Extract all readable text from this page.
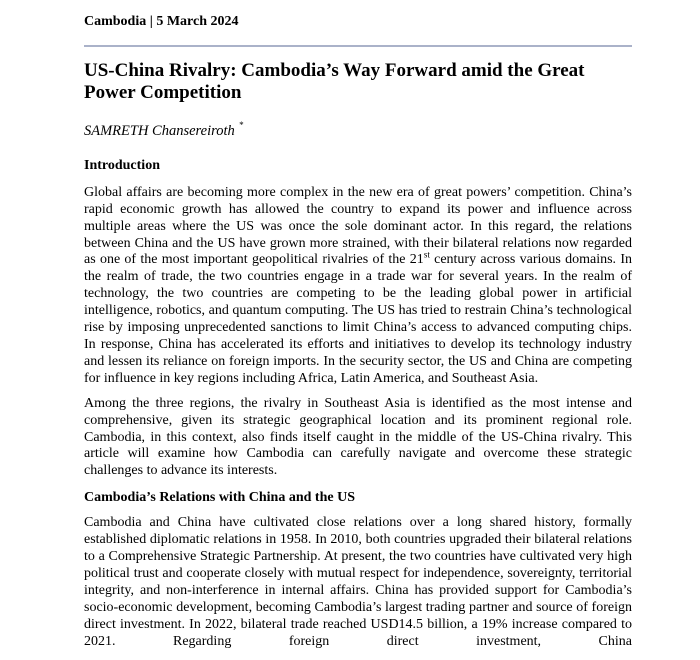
Cambodia | 5 March 2024
US-China Rivalry: Cambodia’s Way Forward amid the Great
Power Competition
SAMRETH Chansereiroth *
Introduction

Global affairs are becoming more complex in the new era of great powers’ competition. China’s rapid economic growth has allowed the country to expand its power and influence across multiple areas where the US was once the sole dominant actor. In this regard, the relations between China and the US have grown more strained, with their bilateral relations now regarded as one of the most important geopolitical rivalries of the 21st century across various domains. In the realm of trade, the two countries engage in a trade war for several years. In the realm of technology, the two countries are competing to be the leading global power in artificial intelligence, robotics, and quantum computing. The US has tried to restrain China’s technological rise by imposing unprecedented sanctions to limit China’s access to advanced computing chips. In response, China has accelerated its efforts and initiatives to develop its technology industry and lessen its reliance on foreign imports. In the security sector, the US and China are competing for influence in key regions including Africa, Latin America, and Southeast Asia.

Among the three regions, the rivalry in Southeast Asia is identified as the most intense and comprehensive, given its strategic geographical location and its prominent regional role. Cambodia, in this context, also finds itself caught in the middle of the US-China rivalry. This article will examine how Cambodia can carefully navigate and overcome these strategic challenges to advance its interests.

Cambodia’s Relations with China and the US

Cambodia and China have cultivated close relations over a long shared history, formally established diplomatic relations in 1958. In 2010, both countries upgraded their bilateral relations to a Comprehensive Strategic Partnership. At present, the two countries have cultivated very high political trust and cooperate closely with mutual respect for independence, sovereignty, territorial integrity, and non-interference in internal affairs. China has provided support for Cambodia’s socio-economic development, becoming Cambodia’s largest trading partner and source of foreign direct investment. In 2022, bilateral trade reached USD14.5 billion, a 19% increase compared to 2021. Regarding foreign direct investment, China
